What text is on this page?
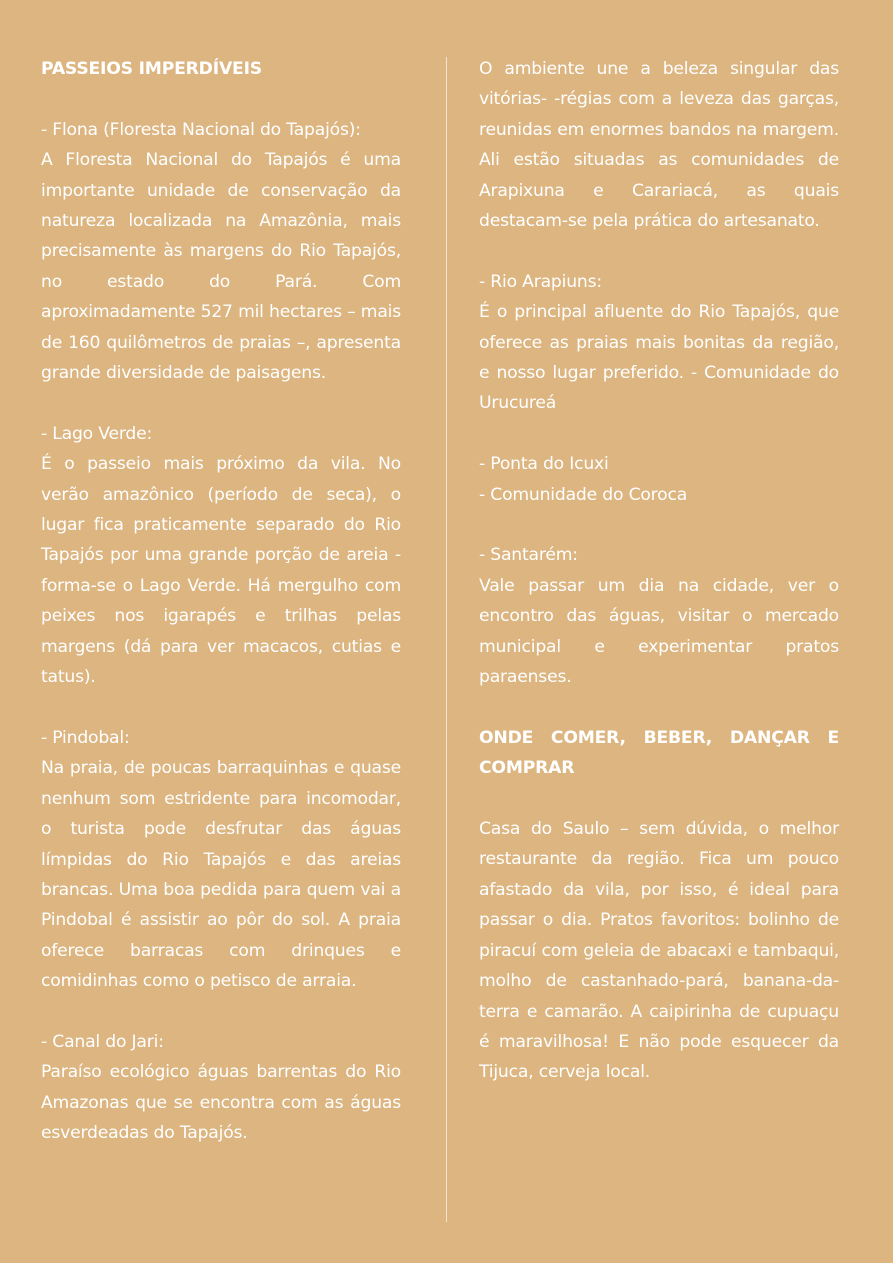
PASSEIOS IMPERDÍVEIS
- Flona (Floresta Nacional do Tapajós):
A Floresta Nacional do Tapajós é uma importante unidade de conservação da natureza localizada na Amazônia, mais precisamente às margens do Rio Tapajós, no estado do Pará. Com aproximadamente 527 mil hectares – mais de 160 quilômetros de praias –, apresenta grande diversidade de paisagens.
- Lago Verde:
É o passeio mais próximo da vila. No verão amazônico (período de seca), o lugar fica praticamente separado do Rio Tapajós por uma grande porção de areia - forma-se o Lago Verde. Há mergulho com peixes nos igarapés e trilhas pelas margens (dá para ver macacos, cutias e tatus).
- Pindobal:
Na praia, de poucas barraquinhas e quase nenhum som estridente para incomodar, o turista pode desfrutar das águas límpidas do Rio Tapajós e das areias brancas. Uma boa pedida para quem vai a Pindobal é assistir ao pôr do sol. A praia oferece barracas com drinques e comidinhas como o petisco de arraia.
- Canal do Jari:
Paraíso ecológico águas barrentas do Rio Amazonas que se encontra com as águas esverdeadas do Tapajós.
O ambiente une a beleza singular das vitórias- -régias com a leveza das garças, reunidas em enormes bandos na margem. Ali estão situadas as comunidades de Arapixuna e Carariacá, as quais destacam-se pela prática do artesanato.
- Rio Arapiuns:
É o principal afluente do Rio Tapajós, que oferece as praias mais bonitas da região, e nosso lugar preferido. - Comunidade do Urucureá
- Ponta do Icuxi
- Comunidade do Coroca
- Santarém:
Vale passar um dia na cidade, ver o encontro das águas, visitar o mercado municipal e experimentar pratos paraenses.
ONDE COMER, BEBER, DANÇAR E COMPRAR
Casa do Saulo – sem dúvida, o melhor restaurante da região. Fica um pouco afastado da vila, por isso, é ideal para passar o dia. Pratos favoritos: bolinho de piracuí com geleia de abacaxi e tambaqui, molho de castanhado-pará, banana-da-terra e camarão. A caipirinha de cupuaçu é maravilhosa! E não pode esquecer da Tijuca, cerveja local.
